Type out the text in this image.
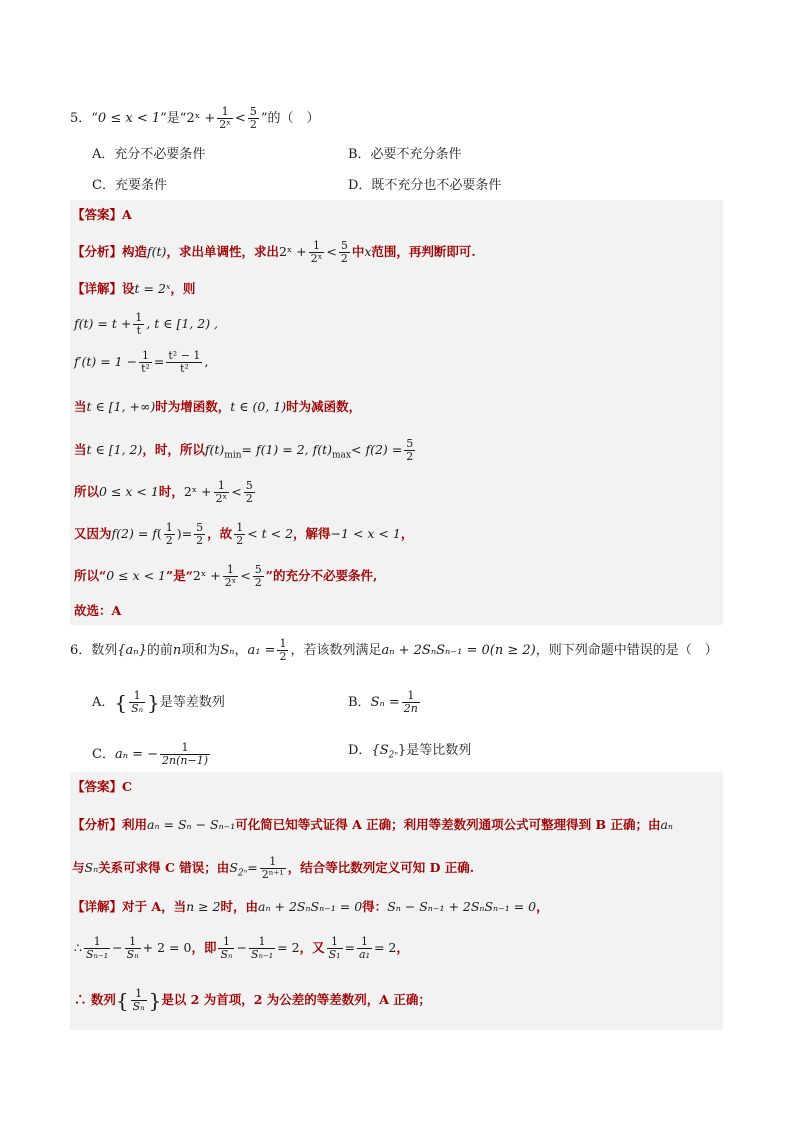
5．“0 ≤ x < 1”是“2ˣ + $\frac{1}{\text{2ˣ}} < \frac{5}{2}$ ”的（　）
A．充分不必要条件	B．必要不充分条件
C．充要条件	D．既不充分也不必要条件
【答案】A
【分析】构造f(t)，求出单调性，求出2ˣ + $\frac{1}{\text{2ˣ}} < \frac{5}{2}$ 中x范围，再判断即可.
【详解】设t = 2ˣ，则
$f(t) = t + \frac{1}{t}$ , t ∈ [1, 2) ,
$f'(t) = 1 - \frac{1}{\text{t²}} = \frac{\text{t² − 1}}{\text{t²}}$ ,
当t ∈ [1, +∞)时为增函数，t ∈ (0, 1)时为减函数，
当t ∈ [1, 2)，时，所以$f(t)_{min}= f(1) = 2$, $f(t)_{max}< f(2) = \frac{5}{2}$
所以0 ≤ x < 1时，2ˣ + $\frac{1}{\text{2ˣ}} < \frac{5}{2}$
又因为$f(2) = f( \frac{1}{2}$ )= $\frac{5}{2}$ ，故 $\frac{1}{2} < t < 2$，解得−1 < x < 1，
所以“0 ≤ x < 1”是“2ˣ + $\frac{1}{\text{2ˣ}} < \frac{5}{2}$ ”的充分不必要条件,
故选：A
6．数列{aₙ}的前n项和为Sₙ，$a_1 = \frac{1}{2}$ ，若该数列满足aₙ + 2SₙSₙ₋₁ = 0(n ≥ 2)，则下列命题中错误的是（　）
A．{ $\frac{1}{\text{Sₙ}}$ }是等差数列	B．$S_n = \frac{1}{2n}$
C．aₙ = − $\frac{1}{2n(n-1)}$	D．$\{S_{2^n}\}$是等比数列
【答案】C
【分析】利用aₙ = Sₙ − Sₙ₋₁可化简已知等式证得 A 正确；利用等差数列通项公式可整理得到 B 正确；由aₙ
与Sₙ关系可求得 C 错误；由$S_{2^n}= \frac{1}{\text{2ⁿ⁺¹}}$ ，结合等比数列定义可知 D 正确.
【详解】对于 A，当n ≥ 2时，由aₙ + 2SₙSₙ₋₁ = 0得：Sₙ − Sₙ₋₁ + 2SₙSₙ₋₁ = 0，
∴ $\frac{1}{\text{Sₙ₋₁}} - \frac{1}{\text{Sₙ}} + 2 = 0$，即 $\frac{1}{\text{Sₙ}} - \frac{1}{\text{Sₙ₋₁}} = 2$，又 $\frac{1}{\text{S₁}} = \frac{1}{\text{a₁}} = 2$，
∴ 数列{ $\frac{1}{\text{Sₙ}}$ }是以 2 为首项，2 为公差的等差数列，A 正确；
